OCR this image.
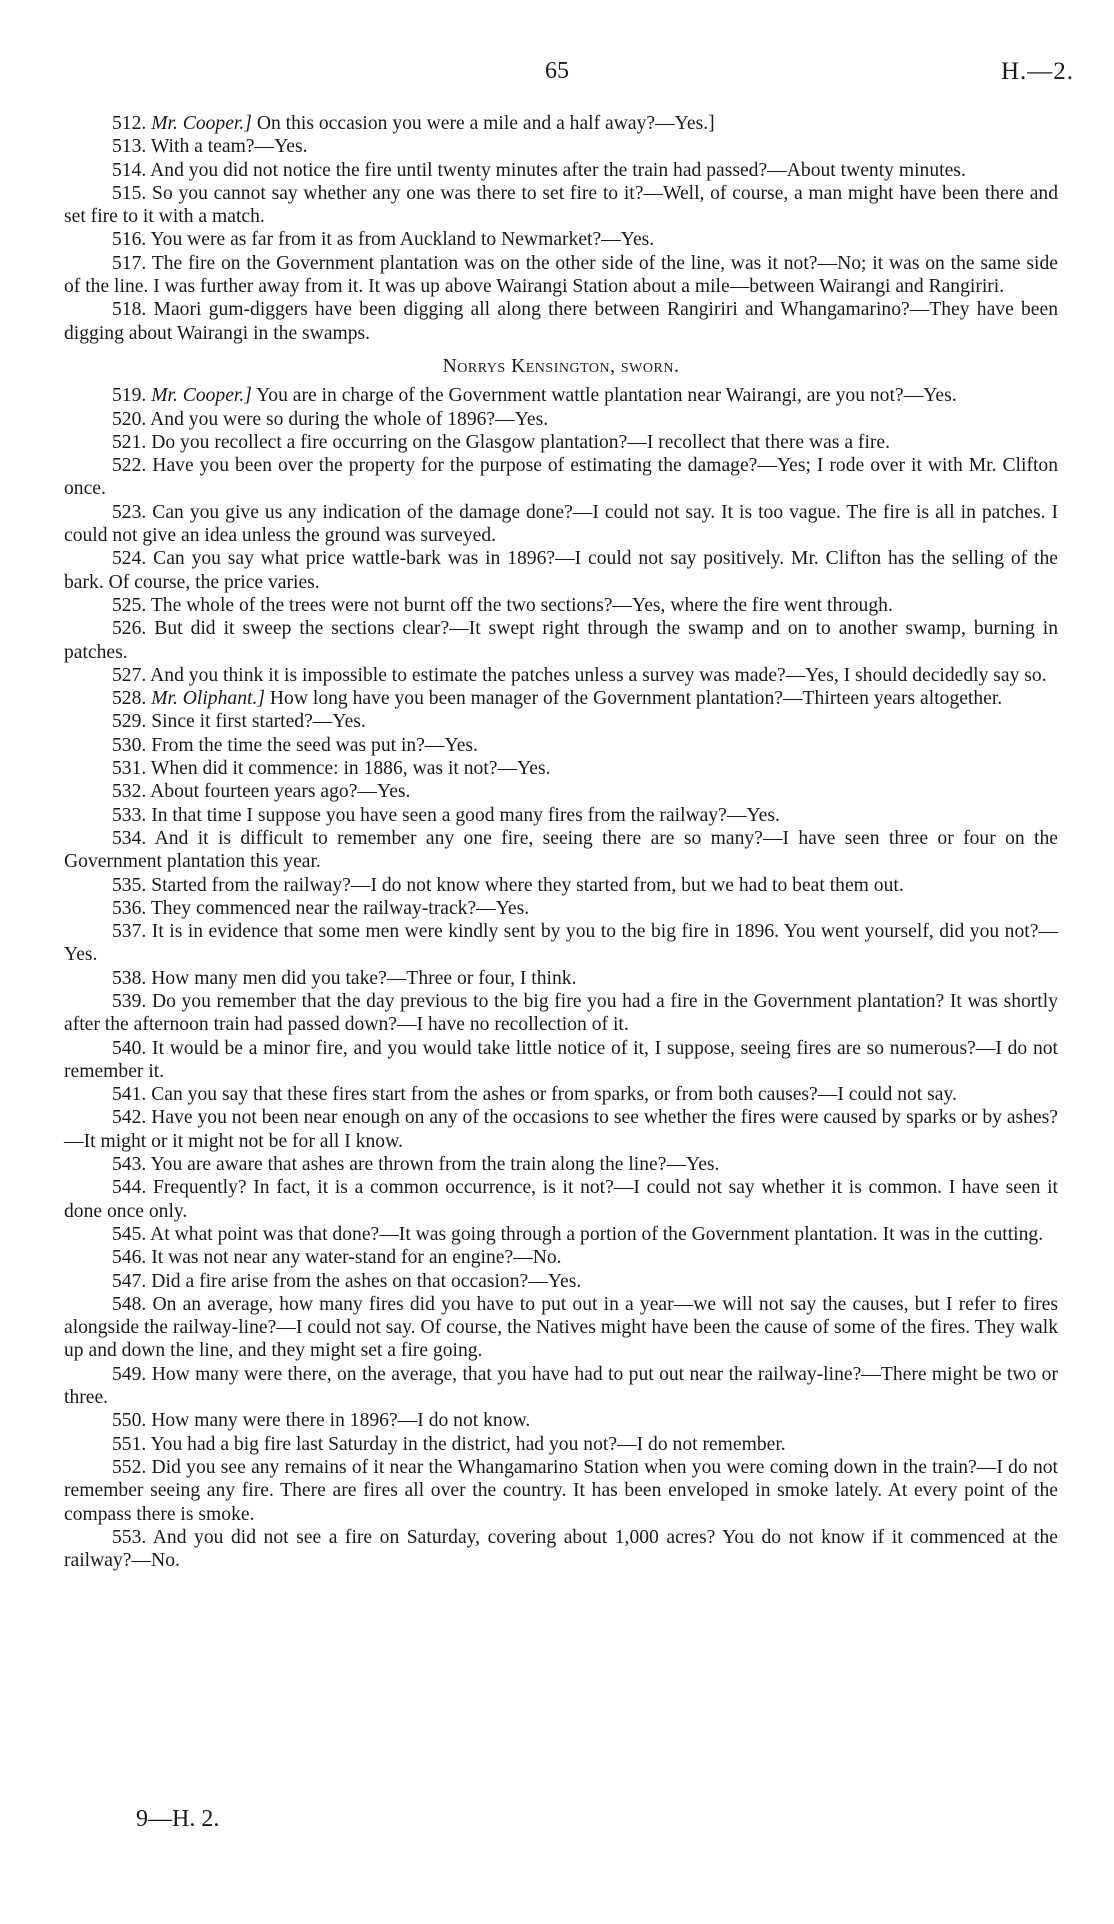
65	H.—2.

512. Mr. Cooper.] On this occasion you were a mile and a half away?—Yes.]

513. With a team?—Yes.

514. And you did not notice the fire until twenty minutes after the train had passed?—About twenty minutes.

515. So you cannot say whether any one was there to set fire to it?—Well, of course, a man might have been there and set fire to it with a match.

516. You were as far from it as from Auckland to Newmarket?—Yes.

517. The fire on the Government plantation was on the other side of the line, was it not?—No; it was on the same side of the line. I was further away from it. It was up above Wairangi Station about a mile—between Wairangi and Rangiriri.

518. Maori gum-diggers have been digging all along there between Rangiriri and Whangamarino?—They have been digging about Wairangi in the swamps.

Norrys Kensington, sworn.

519. Mr. Cooper.] You are in charge of the Government wattle plantation near Wairangi, are you not?—Yes.

520. And you were so during the whole of 1896?—Yes.

521. Do you recollect a fire occurring on the Glasgow plantation?—I recollect that there was a fire.

522. Have you been over the property for the purpose of estimating the damage?—Yes; I rode over it with Mr. Clifton once.

523. Can you give us any indication of the damage done?—I could not say. It is too vague. The fire is all in patches. I could not give an idea unless the ground was surveyed.

524. Can you say what price wattle-bark was in 1896?—I could not say positively. Mr. Clifton has the selling of the bark. Of course, the price varies.

525. The whole of the trees were not burnt off the two sections?—Yes, where the fire went through.

526. But did it sweep the sections clear?—It swept right through the swamp and on to another swamp, burning in patches.

527. And you think it is impossible to estimate the patches unless a survey was made?—Yes, I should decidedly say so.

528. Mr. Oliphant.] How long have you been manager of the Government plantation?—Thirteen years altogether.

529. Since it first started?—Yes.

530. From the time the seed was put in?—Yes.

531. When did it commence: in 1886, was it not?—Yes.

532. About fourteen years ago?—Yes.

533. In that time I suppose you have seen a good many fires from the railway?—Yes.

534. And it is difficult to remember any one fire, seeing there are so many?—I have seen three or four on the Government plantation this year.

535. Started from the railway?—I do not know where they started from, but we had to beat them out.

536. They commenced near the railway-track?—Yes.

537. It is in evidence that some men were kindly sent by you to the big fire in 1896. You went yourself, did you not?—Yes.

538. How many men did you take?—Three or four, I think.

539. Do you remember that the day previous to the big fire you had a fire in the Government plantation? It was shortly after the afternoon train had passed down?—I have no recollection of it.

540. It would be a minor fire, and you would take little notice of it, I suppose, seeing fires are so numerous?—I do not remember it.

541. Can you say that these fires start from the ashes or from sparks, or from both causes?—I could not say.

542. Have you not been near enough on any of the occasions to see whether the fires were caused by sparks or by ashes?—It might or it might not be for all I know.

543. You are aware that ashes are thrown from the train along the line?—Yes.

544. Frequently? In fact, it is a common occurrence, is it not?—I could not say whether it is common. I have seen it done once only.

545. At what point was that done?—It was going through a portion of the Government plantation. It was in the cutting.

546. It was not near any water-stand for an engine?—No.

547. Did a fire arise from the ashes on that occasion?—Yes.

548. On an average, how many fires did you have to put out in a year—we will not say the causes, but I refer to fires alongside the railway-line?—I could not say. Of course, the Natives might have been the cause of some of the fires. They walk up and down the line, and they might set a fire going.

549. How many were there, on the average, that you have had to put out near the railway-line?—There might be two or three.

550. How many were there in 1896?—I do not know.

551. You had a big fire last Saturday in the district, had you not?—I do not remember.

552. Did you see any remains of it near the Whangamarino Station when you were coming down in the train?—I do not remember seeing any fire. There are fires all over the country. It has been enveloped in smoke lately. At every point of the compass there is smoke.

553. And you did not see a fire on Saturday, covering about 1,000 acres? You do not know if it commenced at the railway?—No.

9—H. 2.
